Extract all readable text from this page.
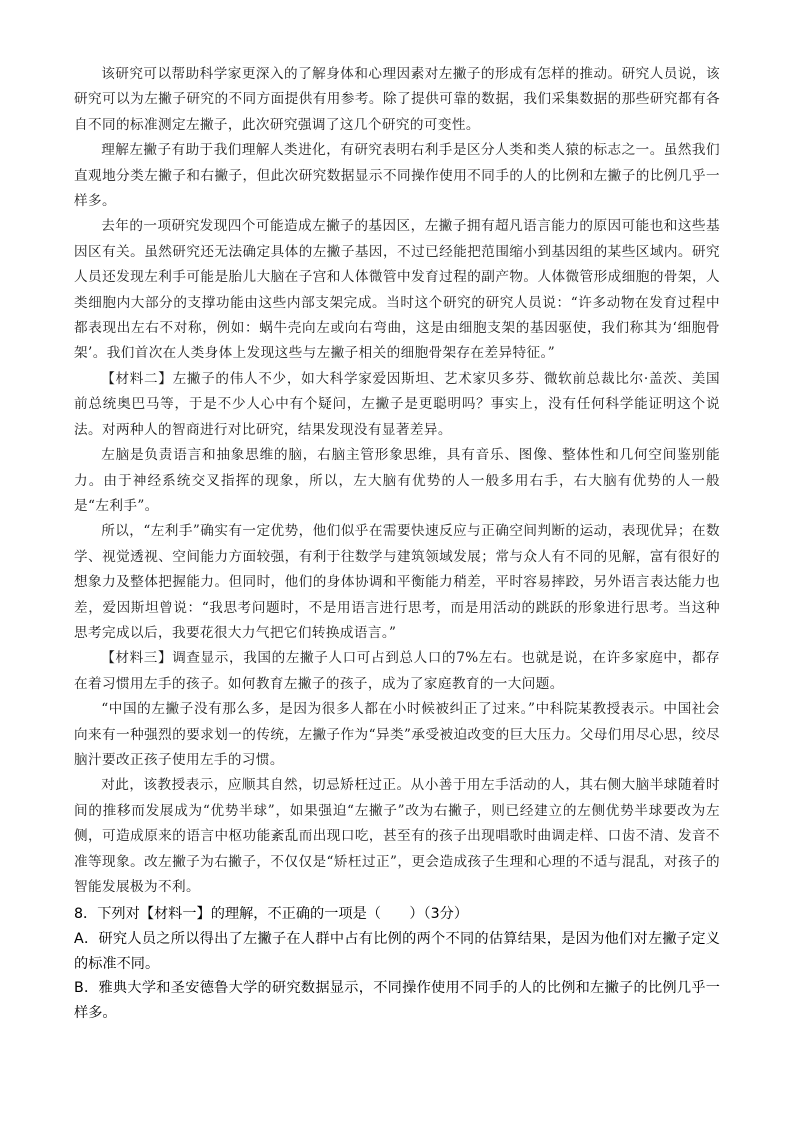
该研究可以帮助科学家更深入的了解身体和心理因素对左撇子的形成有怎样的推动。研究人员说，该研究可以为左撇子研究的不同方面提供有用参考。除了提供可靠的数据，我们采集数据的那些研究都有各自不同的标准测定左撇子，此次研究强调了这几个研究的可变性。

理解左撇子有助于我们理解人类进化，有研究表明右利手是区分人类和类人猿的标志之一。虽然我们直观地分类左撇子和右撇子，但此次研究数据显示不同操作使用不同手的人的比例和左撇子的比例几乎一样多。

去年的一项研究发现四个可能造成左撇子的基因区，左撇子拥有超凡语言能力的原因可能也和这些基因区有关。虽然研究还无法确定具体的左撇子基因，不过已经能把范围缩小到基因组的某些区域内。研究人员还发现左利手可能是胎儿大脑在子宫和人体微管中发育过程的副产物。人体微管形成细胞的骨架，人类细胞内大部分的支撑功能由这些内部支架完成。当时这个研究的研究人员说：“许多动物在发育过程中都表现出左右不对称，例如：蜗牛壳向左或向右弯曲，这是由细胞支架的基因驱使，我们称其为‘细胞骨架’。我们首次在人类身体上发现这些与左撇子相关的细胞骨架存在差异特征。”

【材料二】左撇子的伟人不少，如大科学家爱因斯坦、艺术家贝多芬、微软前总裁比尔·盖茨、美国前总统奥巴马等，于是不少人心中有个疑问，左撇子是更聪明吗？事实上，没有任何科学能证明这个说法。对两种人的智商进行对比研究，结果发现没有显著差异。

左脑是负责语言和抽象思维的脑，右脑主管形象思维，具有音乐、图像、整体性和几何空间鉴别能力。由于神经系统交叉指挥的现象，所以，左大脑有优势的人一般多用右手，右大脑有优势的人一般是“左利手”。

所以，“左利手”确实有一定优势，他们似乎在需要快速反应与正确空间判断的运动，表现优异；在数学、视觉透视、空间能力方面较强，有利于往数学与建筑领域发展；常与众人有不同的见解，富有很好的想象力及整体把握能力。但同时，他们的身体协调和平衡能力稍差，平时容易摔跤，另外语言表达能力也差，爱因斯坦曾说：“我思考问题时，不是用语言进行思考，而是用活动的跳跃的形象进行思考。当这种思考完成以后，我要花很大力气把它们转换成语言。”

【材料三】调查显示，我国的左撇子人口可占到总人口的7%左右。也就是说，在许多家庭中，都存在着习惯用左手的孩子。如何教育左撇子的孩子，成为了家庭教育的一大问题。

“中国的左撇子没有那么多，是因为很多人都在小时候被纠正了过来。”中科院某教授表示。中国社会向来有一种强烈的要求划一的传统，左撇子作为“异类”承受被迫改变的巨大压力。父母们用尽心思，绞尽脑汁要改正孩子使用左手的习惯。

对此，该教授表示，应顺其自然，切忌矫枉过正。从小善于用左手活动的人，其右侧大脑半球随着时间的推移而发展成为“优势半球”，如果强迫“左撇子”改为右撇子，则已经建立的左侧优势半球要改为左侧，可造成原来的语言中枢功能紊乱而出现口吃，甚至有的孩子出现唱歌时曲调走样、口齿不清、发音不准等现象。改左撇子为右撇子，不仅仅是“矫枉过正”，更会造成孩子生理和心理的不适与混乱，对孩子的智能发展极为不利。

8．下列对【材料一】的理解，不正确的一项是（　　）（3分）

A．研究人员之所以得出了左撇子在人群中占有比例的两个不同的估算结果，是因为他们对左撇子定义的标准不同。

B．雅典大学和圣安德鲁大学的研究数据显示，不同操作使用不同手的人的比例和左撇子的比例几乎一样多。
